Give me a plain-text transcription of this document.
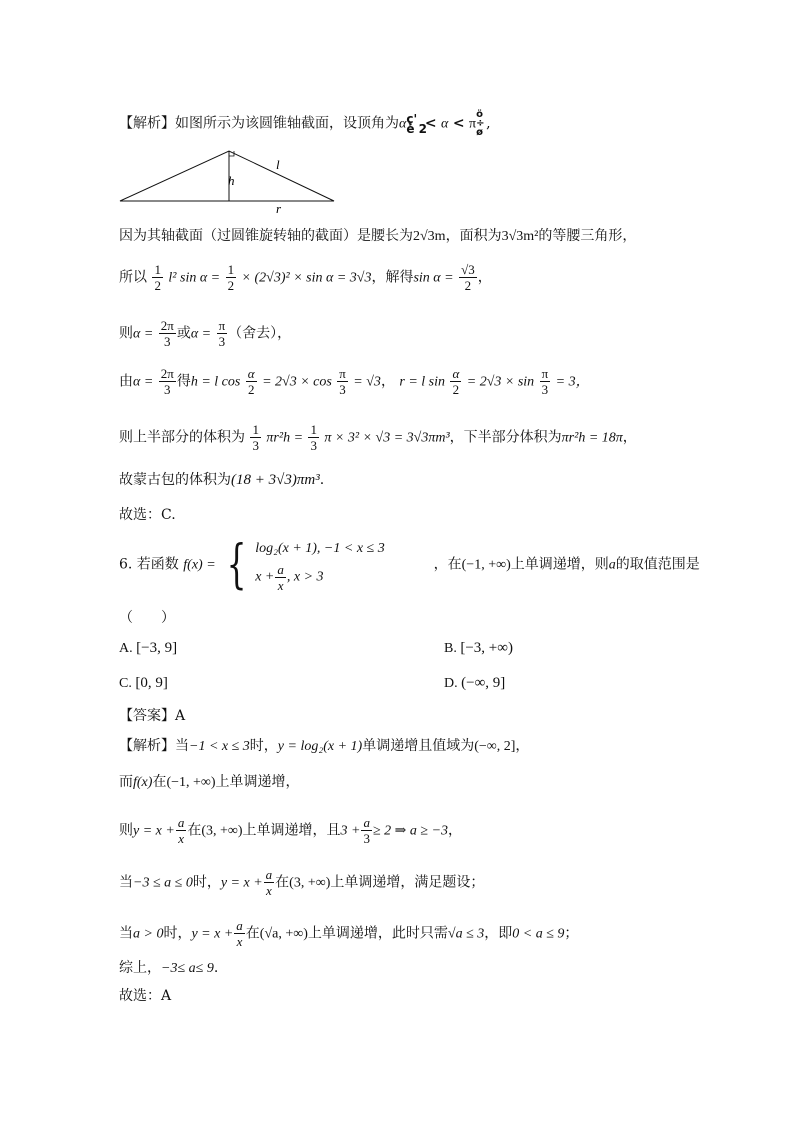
【解析】如图所示为该圆锥轴截面，设顶角为αç'
è 2 < α < πö
÷
ø,
l
h
r
因为其轴截面（过圆锥旋转轴的截面）是腰长为2√3m，面积为3√3m²的等腰三角形，
所以 $\frac{1}{2} l^2$ $\sin \alpha = \frac{1}{2} \times (2√3)^2 \times \sin \alpha = 3√3$，解得$\sin \alpha = \frac{√3}{2}$ ，
则$\alpha = \frac{2\pi}{3}$ 或$\alpha = \frac{\pi}{3}$ （舍去），
由$\alpha = \frac{2\pi}{3}$ 得h = l $\cos \frac{\alpha}{2} = 2√3 \times \cos \frac{\pi}{3} = √3$， r = l $\sin \frac{\alpha}{2} = 2√3 \times \sin \frac{\pi}{3} = 3$，
则上半部分的体积为 $\frac{1}{3} \pi r^2h = \frac{1}{3}$ π × 3² × √3 = 3√3πm³，下半部分体积为πr²h = 18π，
故蒙古包的体积为(18 + 3√3)πm³.
故选：C.
6. 若函数 f(x) = { log₂(x + 1), −1 < x ≤ 3
$x + \frac{a}{x}$ , x > 3
，在(−1, +∞)上单调递增，则a的取值范围是
（　　）
A. [−3, 9]	B. [−3, +∞)
C. [0, 9]	D. (−∞, 9]
【答案】A
【解析】当−1 < x ≤ 3时，y = log₂(x + 1)单调递增且值域为(−∞, 2]，
而f(x)在(−1, +∞)上单调递增，
则$y = x + \frac{a}{x}$ 在(3, +∞)上单调递增，且$3 + \frac{a}{3} \ge 2$ ⇒ a ≥ −3，
当−3 ≤ a ≤ 0时，$y = x + \frac{a}{x}$ 在(3, +∞)上单调递增，满足题设；
当a > 0时，$y = x + \frac{a}{x}$ 在(√a, +∞)上单调递增，此时只需√a ≤ 3，即0 < a ≤ 9；
综上，−3≤ a≤ 9.
故选：A
